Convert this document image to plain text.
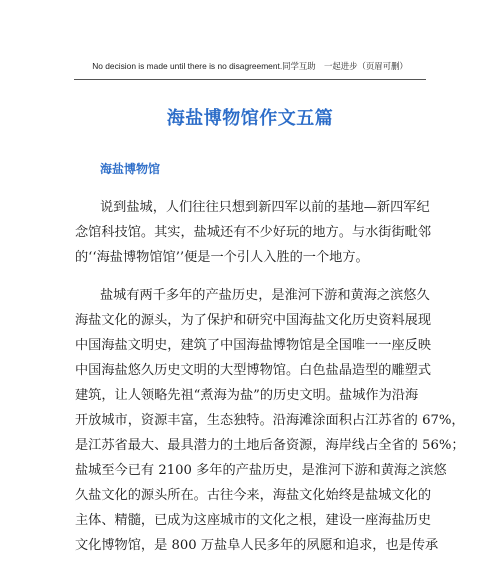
No decision is made until there is no disagreement.同学互助　一起进步（页眉可删）
海盐博物馆作文五篇
海盐博物馆
说到盐城，人们往往只想到新四军以前的基地—新四军纪
念馆科技馆。其实，盐城还有不少好玩的地方。与水街街毗邻
的‘‘海盐博物馆馆’’便是一个引人入胜的一个地方。
盐城有两千多年的产盐历史，是淮河下游和黄海之滨悠久
海盐文化的源头，为了保护和研究中国海盐文化历史资料展现
中国海盐文明史，建筑了中国海盐博物馆是全国唯一一座反映
中国海盐悠久历史文明的大型博物馆。白色盐晶造型的雕塑式
建筑，让人领略先祖“煮海为盐”的历史文明。盐城作为沿海
开放城市，资源丰富，生态独特。沿海滩涂面积占江苏省的 67%，
是江苏省最大、最具潜力的土地后备资源，海岸线占全省的 56%；
盐城至今已有 2100 多年的产盐历史，是淮河下游和黄海之滨悠
久盐文化的源头所在。古往今来，海盐文化始终是盐城文化的
主体、精髓，已成为这座城市的文化之根，建设一座海盐历史
文化博物馆，是 800 万盐阜人民多年的夙愿和追求，也是传承
